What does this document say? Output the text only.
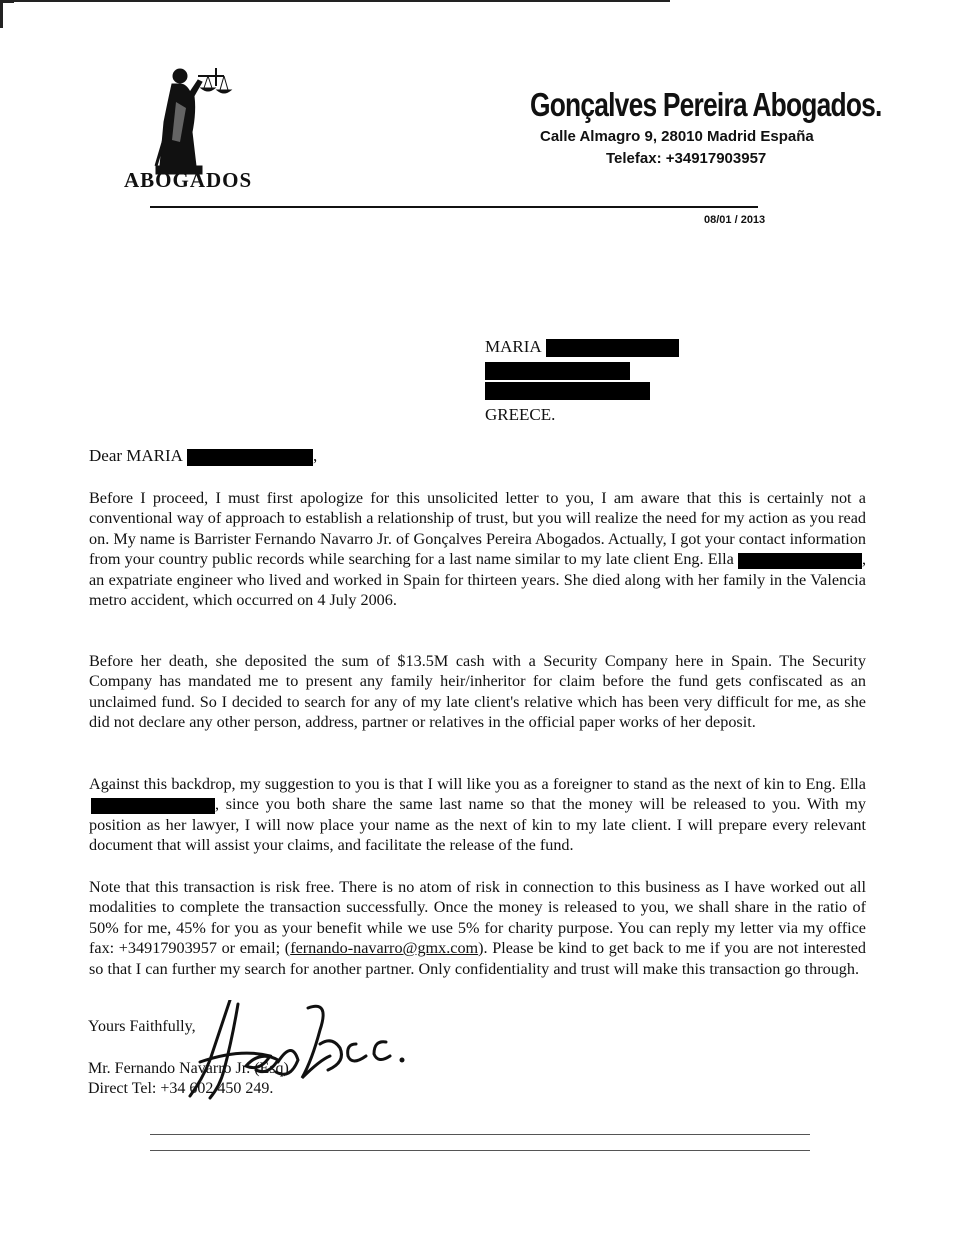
ABOGADOS
Gonçalves Pereira Abogados.
Calle Almagro 9, 28010 Madrid España
Telefax: +34917903957
08/01 / 2013
MARIA
GREECE.
Dear MARIA	,

Before I proceed, I must first apologize for this unsolicited letter to you, I am aware that this is certainly not a conventional way of approach to establish a relationship of trust, but you will realize the need for my action as you read on. My name is Barrister Fernando Navarro Jr. of Gonçalves Pereira Abogados. Actually, I got your contact information from your country public records while searching for a last name similar to my late client Eng. Ella	, an expatriate engineer who lived and worked in Spain for thirteen years. She died along with her family in the Valencia metro accident, which occurred on 4 July 2006.

Before her death, she deposited the sum of $13.5M cash with a Security Company here in Spain. The Security Company has mandated me to present any family heir/inheritor for claim before the fund gets confiscated as an unclaimed fund. So I decided to search for any of my late client's relative which has been very difficult for me, as she did not declare any other person, address, partner or relatives in the official paper works of her deposit.

Against this backdrop, my suggestion to you is that I will like you as a foreigner to stand as the next of kin to Eng. Ella, since you both share the same last name so that the money will be released to you. With my position as her lawyer, I will now place your name as the next of kin to my late client. I will prepare every relevant document that will assist your claims, and facilitate the release of the fund.

Note that this transaction is risk free. There is no atom of risk in connection to this business as I have worked out all modalities to complete the transaction successfully. Once the money is released to you, we shall share in the ratio of 50% for me, 45% for you as your benefit while we use 5% for charity purpose. You can reply my letter via my office fax: +34917903957 or email; (fernando-navarro@gmx.com). Please be kind to get back to me if you are not interested so that I can further my search for another partner. Only confidentiality and trust will make this transaction go through.

Yours Faithfully,
Mr. Fernando Navarro Jr. (Esq).
Direct Tel: +34 602 450 249.
